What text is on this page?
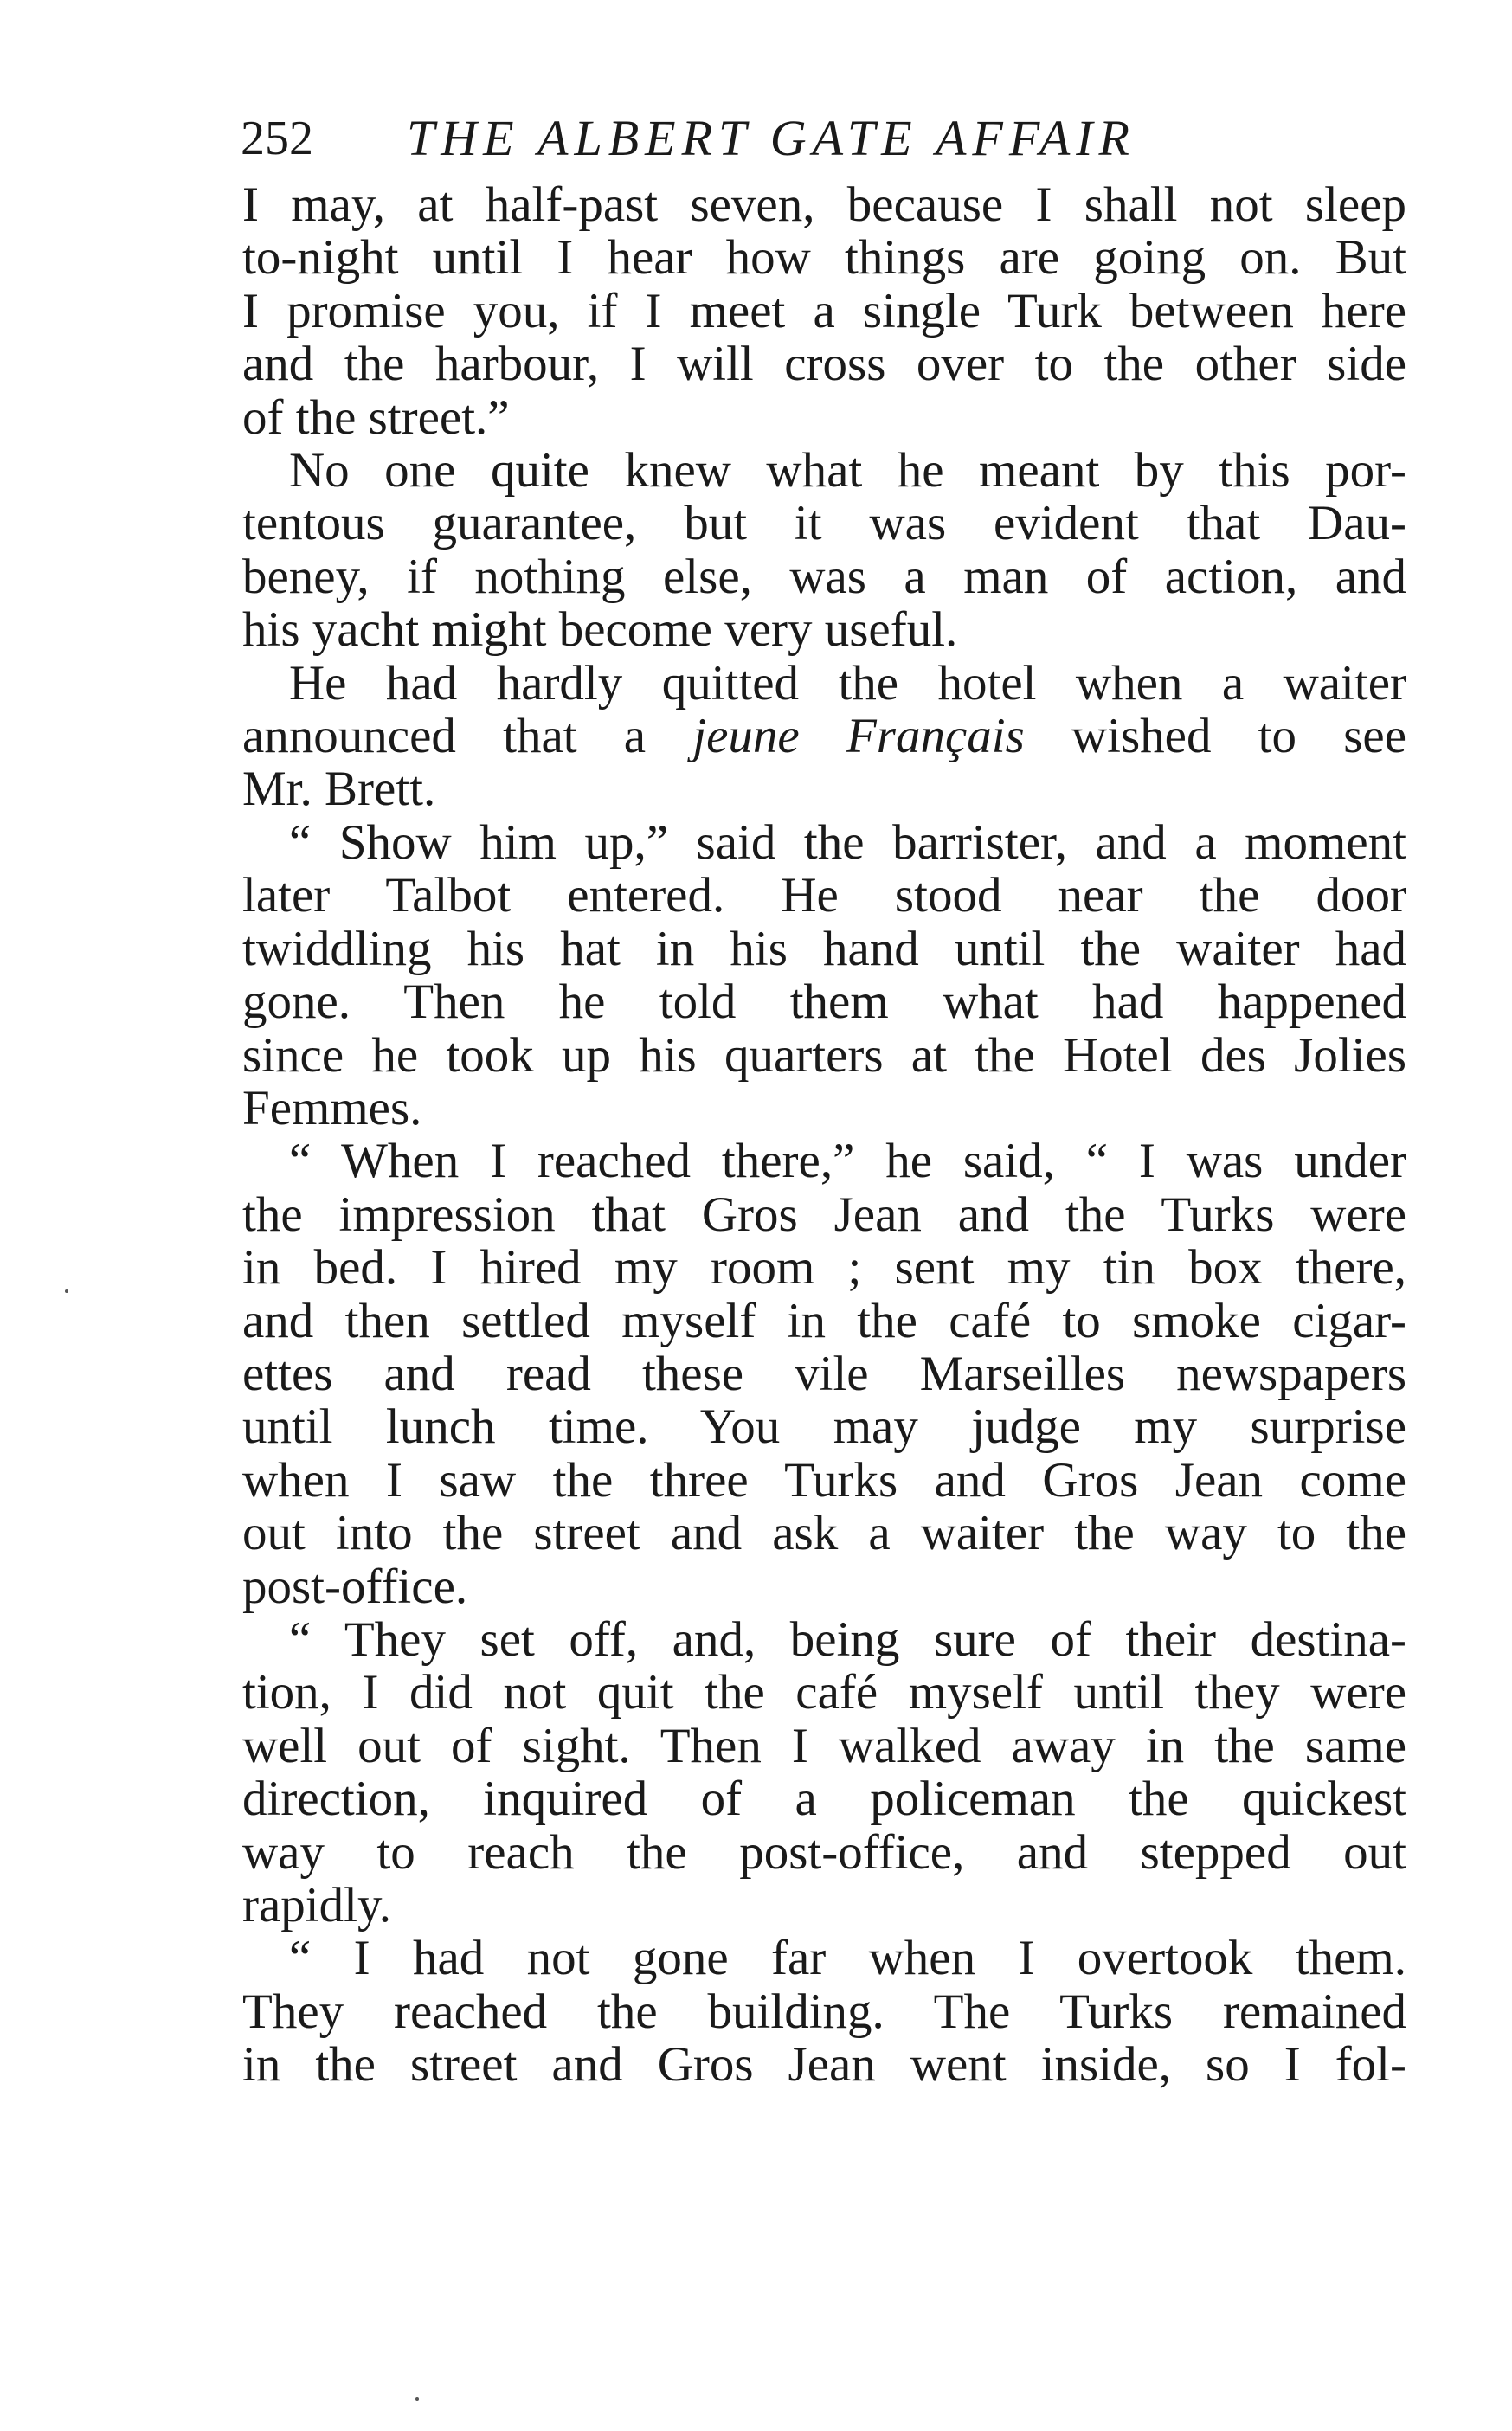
252 THE ALBERT GATE AFFAIR
I may, at half-past seven, because I shall not sleep
to-night until I hear how things are going on. But
I promise you, if I meet a single Turk between here
and the harbour, I will cross over to the other side
of the street.”
No one quite knew what he meant by this por-
tentous guarantee, but it was evident that Dau-
beney, if nothing else, was a man of action, and
his yacht might become very useful.
He had hardly quitted the hotel when a waiter
announced that a jeune Français wished to see
Mr. Brett.
“ Show him up,” said the barrister, and a moment
later Talbot entered. He stood near the door
twiddling his hat in his hand until the waiter had
gone. Then he told them what had happened
since he took up his quarters at the Hotel des Jolies
Femmes.
“ When I reached there,” he said, “ I was under
the impression that Gros Jean and the Turks were
in bed. I hired my room ; sent my tin box there,
and then settled myself in the café to smoke cigar-
ettes and read these vile Marseilles newspapers
until lunch time. You may judge my surprise
when I saw the three Turks and Gros Jean come
out into the street and ask a waiter the way to the
post-office.
“ They set off, and, being sure of their destina-
tion, I did not quit the café myself until they were
well out of sight. Then I walked away in the same
direction, inquired of a policeman the quickest
way to reach the post-office, and stepped out
rapidly.
“ I had not gone far when I overtook them.
They reached the building. The Turks remained
in the street and Gros Jean went inside, so I fol-
